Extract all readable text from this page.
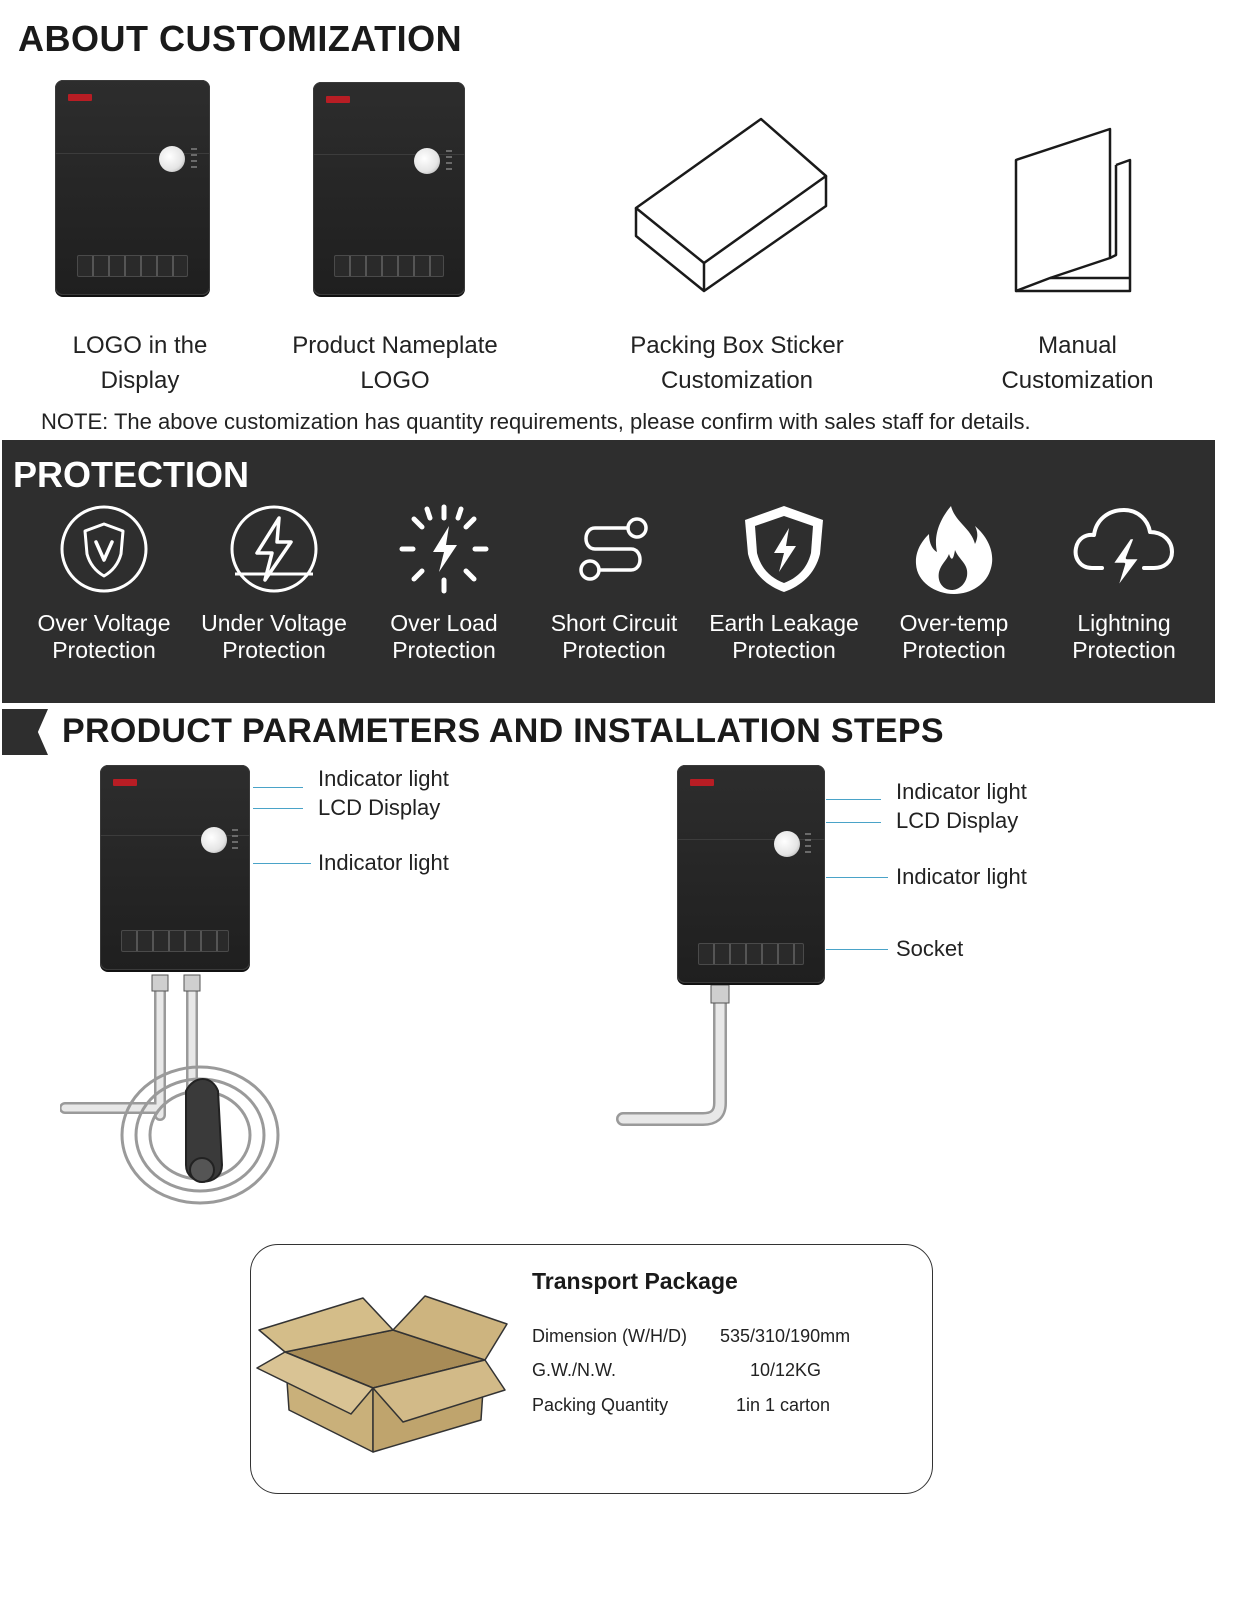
ABOUT CUSTOMIZATION
LOGO in the
Display
Product Nameplate
LOGO
Packing Box Sticker
Customization
Manual
Customization
NOTE: The above customization has quantity requirements, please confirm with sales staff for details.
PROTECTION
Over Voltage
Protection
Under Voltage
Protection
Over Load
Protection
Short Circuit
Protection
Earth Leakage
Protection
Over-temp
Protection
Lightning
Protection
PRODUCT PARAMETERS AND INSTALLATION STEPS
Indicator light
LCD Display
Indicator light
Indicator light
LCD Display
Indicator light
Socket
Transport Package
Dimension (W/H/D) 535/310/190mm
G.W./N.W.	10/12KG
Packing Quantity	1in 1 carton
